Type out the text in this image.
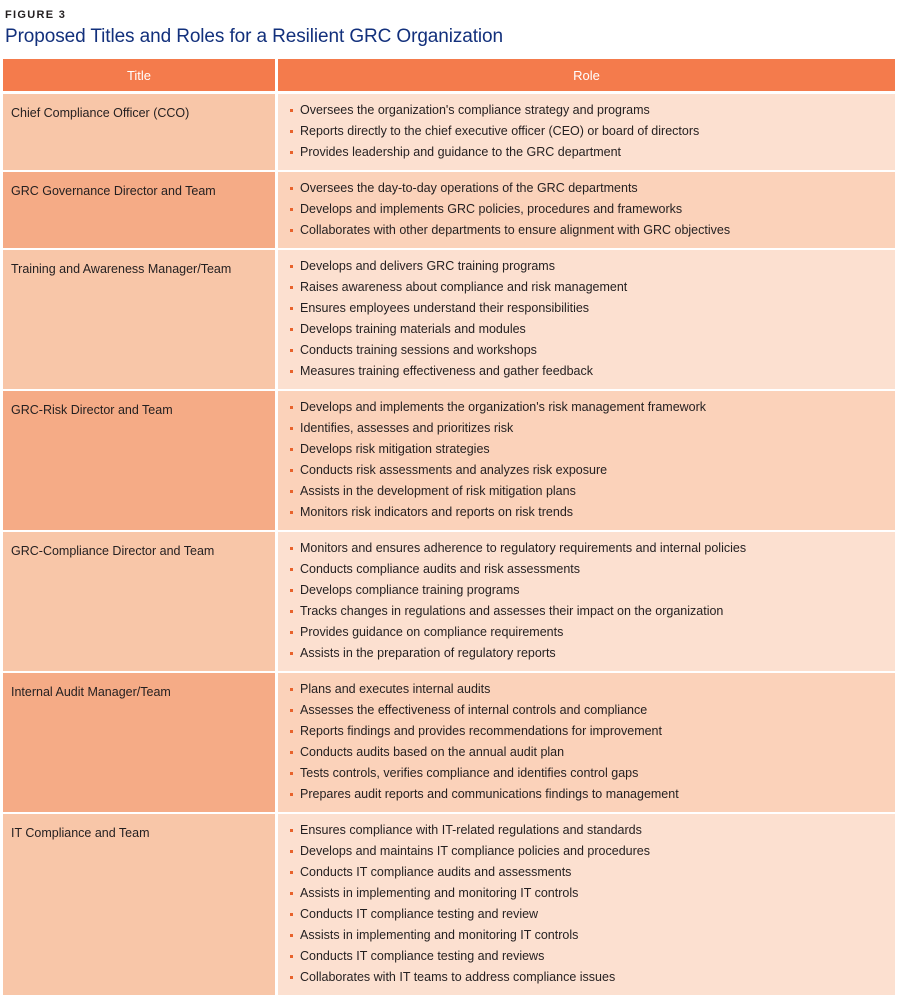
FIGURE 3
Proposed Titles and Roles for a Resilient GRC Organization
Title	Role

Chief Compliance Officer (CCO)	Oversees the organization's compliance strategy and programs
Reports directly to the chief executive officer (CEO) or board of directors
Provides leadership and guidance to the GRC department

GRC Governance Director and Team	Oversees the day-to-day operations of the GRC departments
Develops and implements GRC policies, procedures and frameworks
Collaborates with other departments to ensure alignment with GRC objectives

Training and Awareness Manager/Team	Develops and delivers GRC training programs
Raises awareness about compliance and risk management
Ensures employees understand their responsibilities
Develops training materials and modules
Conducts training sessions and workshops
Measures training effectiveness and gather feedback

GRC-Risk Director and Team	Develops and implements the organization's risk management framework
Identifies, assesses and prioritizes risk
Develops risk mitigation strategies
Conducts risk assessments and analyzes risk exposure
Assists in the development of risk mitigation plans
Monitors risk indicators and reports on risk trends

GRC-Compliance Director and Team	Monitors and ensures adherence to regulatory requirements and internal policies
Conducts compliance audits and risk assessments
Develops compliance training programs
Tracks changes in regulations and assesses their impact on the organization
Provides guidance on compliance requirements
Assists in the preparation of regulatory reports

Internal Audit Manager/Team	Plans and executes internal audits
Assesses the effectiveness of internal controls and compliance
Reports findings and provides recommendations for improvement
Conducts audits based on the annual audit plan
Tests controls, verifies compliance and identifies control gaps
Prepares audit reports and communications findings to management

IT Compliance and Team	Ensures compliance with IT-related regulations and standards
Develops and maintains IT compliance policies and procedures
Conducts IT compliance audits and assessments
Assists in implementing and monitoring IT controls
Conducts IT compliance testing and review
Assists in implementing and monitoring IT controls
Conducts IT compliance testing and reviews
Collaborates with IT teams to address compliance issues
